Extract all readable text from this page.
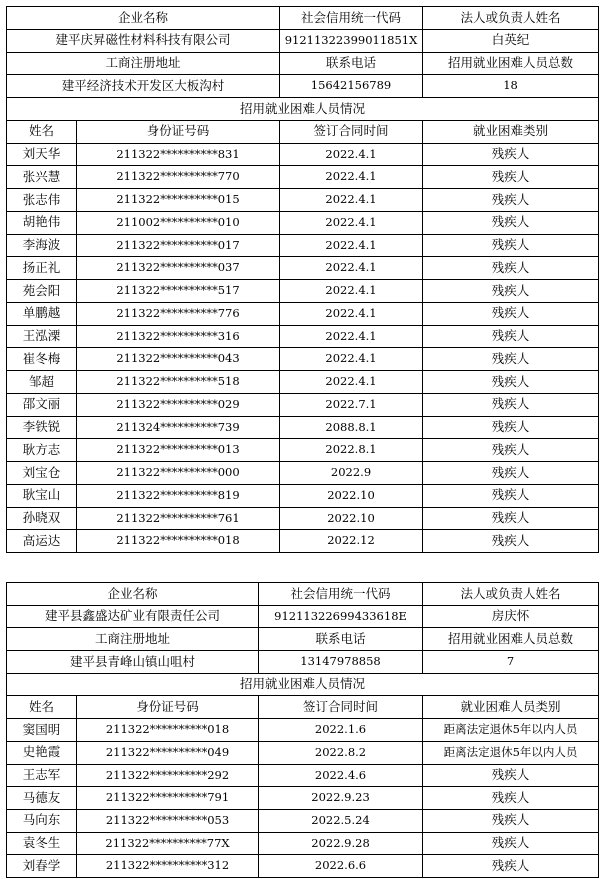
企业名称		社会信用统一代码	法人或负责人姓名
建平庆昇磁性材料科技有限公司		91211322399011851X	白英纪
工商注册地址		联系电话	招用就业困难人员总数
建平经济技术开发区大板沟村		15642156789	18
招用就业困难人员情况			
姓名	身份证号码	签订合同时间	就业困难类别
刘天华	211322**********831	2022.4.1	残疾人
张兴慧	211322**********770	2022.4.1	残疾人
张志伟	211322**********015	2022.4.1	残疾人
胡艳伟	211002**********010	2022.4.1	残疾人
李海波	211322**********017	2022.4.1	残疾人
扬正礼	211322**********037	2022.4.1	残疾人
苑会阳	211322**********517	2022.4.1	残疾人
单鹏越	211322**********776	2022.4.1	残疾人
王泓溧	211322**********316	2022.4.1	残疾人
崔冬梅	211322**********043	2022.4.1	残疾人
邹超	211322**********518	2022.4.1	残疾人
邵文丽	211322**********029	2022.7.1	残疾人
李铁锐	211324**********739	2088.8.1	残疾人
耿方志	211322**********013	2022.8.1	残疾人
刘宝仓	211322**********000	2022.9	残疾人
耿宝山	211322**********819	2022.10	残疾人
孙晓双	211322**********761	2022.10	残疾人
高运达	211322**********018	2022.12	残疾人
企业名称		社会信用统一代码	法人或负责人姓名
建平县鑫盛达矿业有限责任公司		91211322699433618E	房庆怀
工商注册地址		联系电话	招用就业困难人员总数
建平县青峰山镇山咀村		13147978858	7
招用就业困难人员情况			
姓名	身份证号码	签订合同时间	就业困难人员类别
窦国明	211322**********018	2022.1.6	距离法定退休5年以内人员
史艳霞	211322**********049	2022.8.2	距离法定退休5年以内人员
王志军	211322**********292	2022.4.6	残疾人
马德友	211322**********791	2022.9.23	残疾人
马向东	211322**********053	2022.5.24	残疾人
袁冬生	211322**********77X	2022.9.28	残疾人
刘春学	211322**********312	2022.6.6	残疾人
